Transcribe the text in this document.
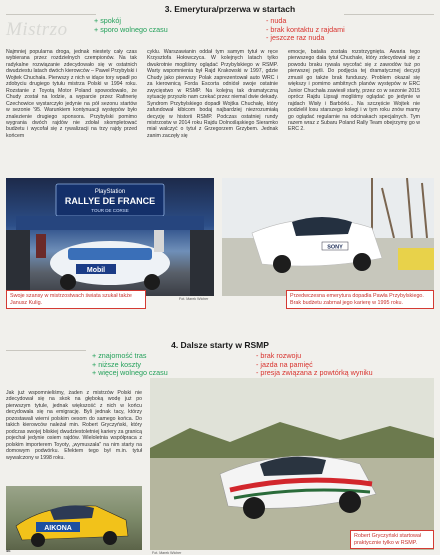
Mistrzo
3. Emerytura/przerwa w startach
+ spokój
+ sporo wolnego czasu
- nuda
- brak kontaktu z rajdami
- jeszcze raz nuda
Najmniej popularna droga, jednak niestety cały czas wybierana przez rozdzielnych czempionów. Na tak radykalne rozwiązanie zdecydowało się w ostatnich dwudziestu latach dwóch kierowców – Paweł Przybylski i Wojtek Chuchała. Pierwszy z nich w idące tory wpadł po zdobyciu drugiego tytułu mistrza Polski w 1994 roku. Rozstanie z Toyotą Motor Poland spowodowało, że Chudy został na lodzie, a wyparcie przez Rafinerię Czechowice wystarczyło jedynie na pół sezonu startów w sezonie '95. Warunkiem kontynuacji występów było znalezienie drugiego sponsora. Przybylski pomimo wygrania dwóch rajdów nie zdołał skompletować budżetu i wycofał się z rywalizacji na trzy rajdy przed końcem
cyklu. Warszawianin oddał tym samym tytuł w ręce Krzysztofa Hołowczyca. W kolejnych latach tylko dwukrotnie mogliśmy oglądać Przybylskiego w RSMP. Warty wspomnienia był Rajd Krakowski w 1997, gdzie Chudy jako pierwszy Polak zaprezentował auto WRC i za kierownicą Forda Escorta odniósł swoje ostatnie zwycięstwo w RSMP. Na kolejną tak dramatyczną sytuację przyszło nam czekać przez niemal dwie dekady. Syndrom Przybylskiego dopadł Wojtka Chuchałę, który zafundował kibicom bodaj najbardziej niezrozumiałą decyzję w historii RSMP. Podczas ostatniej rundy mistrzostw w 2014 roku Rajdu Dolnośląskiego Sieramko miał walczyć o tytuł z Grzegorzem Grzybem. Jednak zanim zaczęły się
emocje, batalia została rozstrzygnięta. Awaria tego pierwszego dała tytuł Chuchale, który zdecydował się z powodu braku rywala wycofać się z zawodów tuż po pierwszej pętli. Do podjęcia tej dramatycznej decyzji zmusił go także brak funduszy. Problem okazał się większy i pomimo ambitnych planów występów w ERC Junior Chuchała zawiesił starty, przez co w sezonie 2015 oprócz Rajdu Lipsąji mogliśmy oglądać go jedynie w rajdach Wisły i Barbórki... Na szczęście Wojtek nie podzielił losu starszego kolegi i w tym roku znów mamy go oglądać regularnie na odcinakach specjalnych. Tym razem wraz z Subaru Poland Rally Team obejrzymy go w ERC 2.
PlayStation
RALLYE DE FRANCE
TOUR DE CORSE
Mobil
Swoje szansy w mistrzostwach świata szukał także Janusz Kulig.
Fot. Marek Wicher
SONY
Przedwczesna emerytura dopadła Pawła Przybylskiego. Brak budżetu zabrnał jego karierę w 1995 roku.
4. Dalsze starty w RSMP
+ znajomość tras
+ niższe koszty
+ więcej wolnego czasu
- brak rozwoju
- jazda na pamięć
- presja związana z powtórką wyniku
Jak już wspomnieliśmy, żaden z mistrzów Polski nie zdecydował się na skok na głęboką wodę już po pierwszym tytule, jednak większość z nich w końcu decydowała się na emigrację. Byli jednak tacy, którzy pozostawali wierni polskim oesom do samego końca. Do takich kierowców należał min. Robert Gryczyński, który podczas swojej bliskiej dwudziestoletniej kariery za granicą pojechał jedynie osiem rajdów. Wieloletnia współpraca z polskim importerem Toyoty, „wymuszała" na nim starty na domowym podwórku. Efektem tego był m.in. tytuł wywalczony w 1998 roku.
AIKONA
Robert Gryczyński startował praktycznie tylko w RSMP.
Fot. Marek Wicher
46
